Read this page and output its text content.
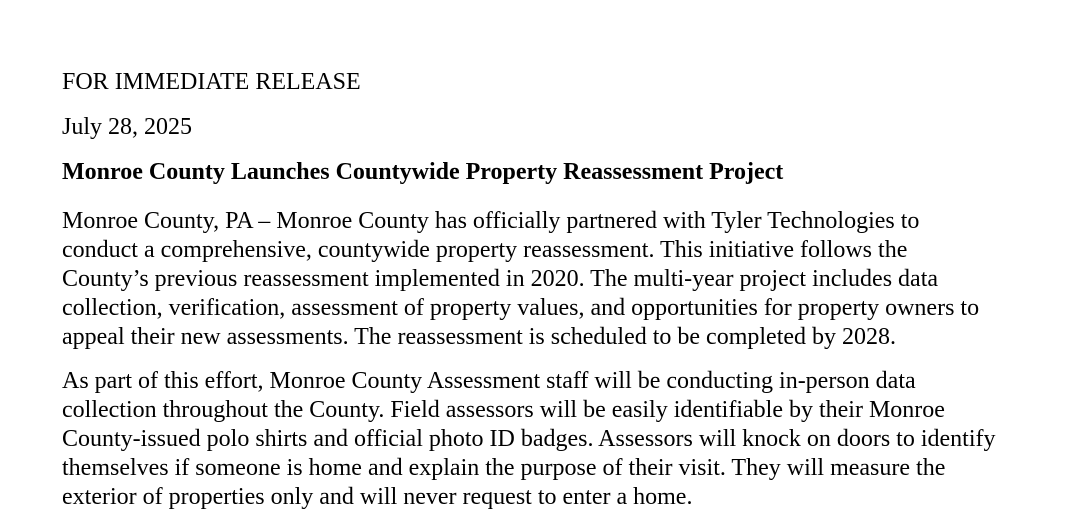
FOR IMMEDIATE RELEASE

July 28, 2025

Monroe County Launches Countywide Property Reassessment Project
Monroe County, PA – Monroe County has officially partnered with Tyler Technologies to
conduct a comprehensive, countywide property reassessment. This initiative follows the
County’s previous reassessment implemented in 2020. The multi-year project includes data
collection, verification, assessment of property values, and opportunities for property owners to
appeal their new assessments. The reassessment is scheduled to be completed by 2028.
As part of this effort, Monroe County Assessment staff will be conducting in-person data
collection throughout the County. Field assessors will be easily identifiable by their Monroe
County-issued polo shirts and official photo ID badges. Assessors will knock on doors to identify
themselves if someone is home and explain the purpose of their visit. They will measure the
exterior of properties only and will never request to enter a home.
